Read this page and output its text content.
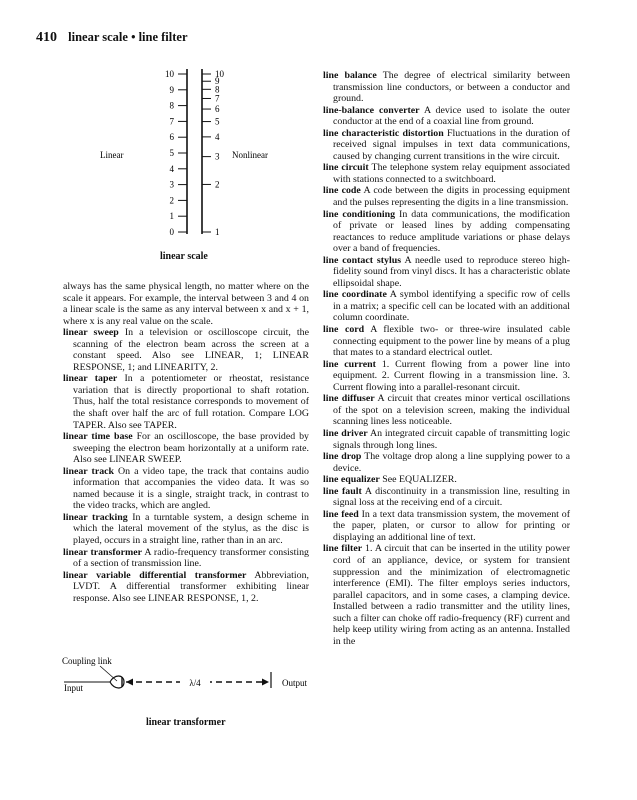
410 linear scale • line filter
0
1
2
3
4
5
6
7
8
9
10
1
2
3
4
5
6
7
8
9
10
Linear	Nonlinear
linear scale

always has the same physical length, no matter where on the scale it appears. For example, the interval between 3 and 4 on a linear scale is the same as any interval between x and x + 1, where x is any real value on the scale.

linear sweep In a television or oscilloscope circuit, the scanning of the electron beam across the screen at a constant speed. Also see LINEAR, 1; LINEAR RESPONSE, 1; and LINEARITY, 2.

linear taper In a potentiometer or rheostat, resistance variation that is directly proportional to shaft rotation. Thus, half the total resistance corresponds to movement of the shaft over half the arc of full rotation. Compare LOG TAPER. Also see TAPER.

linear time base For an oscilloscope, the base provided by sweeping the electron beam horizontally at a uniform rate. Also see LINEAR SWEEP.

linear track On a video tape, the track that contains audio information that accompanies the video data. It was so named because it is a single, straight track, in contrast to the video tracks, which are angled.

linear tracking In a turntable system, a design scheme in which the lateral movement of the stylus, as the disc is played, occurs in a straight line, rather than in an arc.

linear transformer A radio-frequency transformer consisting of a section of transmission line.

linear variable differential transformer Abbreviation, LVDT. A differential transformer exhibiting linear response. Also see LINEAR RESPONSE, 1, 2.

Coupling link
Input	λ/4	Output
linear transformer

line balance The degree of electrical similarity between transmission line conductors, or between a conductor and ground.

line-balance converter A device used to isolate the outer conductor at the end of a coaxial line from ground.

line characteristic distortion Fluctuations in the duration of received signal impulses in text data communications, caused by changing current transitions in the wire circuit.

line circuit The telephone system relay equipment associated with stations connected to a switchboard.

line code A code between the digits in processing equipment and the pulses representing the digits in a line transmission.

line conditioning In data communications, the modification of private or leased lines by adding compensating reactances to reduce amplitude variations or phase delays over a band of frequencies.

line contact stylus A needle used to reproduce stereo high-fidelity sound from vinyl discs. It has a characteristic oblate ellipsoidal shape.

line coordinate A symbol identifying a specific row of cells in a matrix; a specific cell can be located with an additional column coordinate.

line cord A flexible two- or three-wire insulated cable connecting equipment to the power line by means of a plug that mates to a standard electrical outlet.

line current 1. Current flowing from a power line into equipment. 2. Current flowing in a transmission line. 3. Current flowing into a parallel-resonant circuit.

line diffuser A circuit that creates minor vertical oscillations of the spot on a television screen, making the individual scanning lines less noticeable.

line driver An integrated circuit capable of transmitting logic signals through long lines.

line drop The voltage drop along a line supplying power to a device.

line equalizer See EQUALIZER.

line fault A discontinuity in a transmission line, resulting in signal loss at the receiving end of a circuit.

line feed In a text data transmission system, the movement of the paper, platen, or cursor to allow for printing or displaying an additional line of text.

line filter 1. A circuit that can be inserted in the utility power cord of an appliance, device, or system for transient suppression and the minimization of electromagnetic interference (EMI). The filter employs series inductors, parallel capacitors, and in some cases, a clamping device. Installed between a radio transmitter and the utility lines, such a filter can choke off radio-frequency (RF) current and help keep utility wiring from acting as an antenna. Installed in the
